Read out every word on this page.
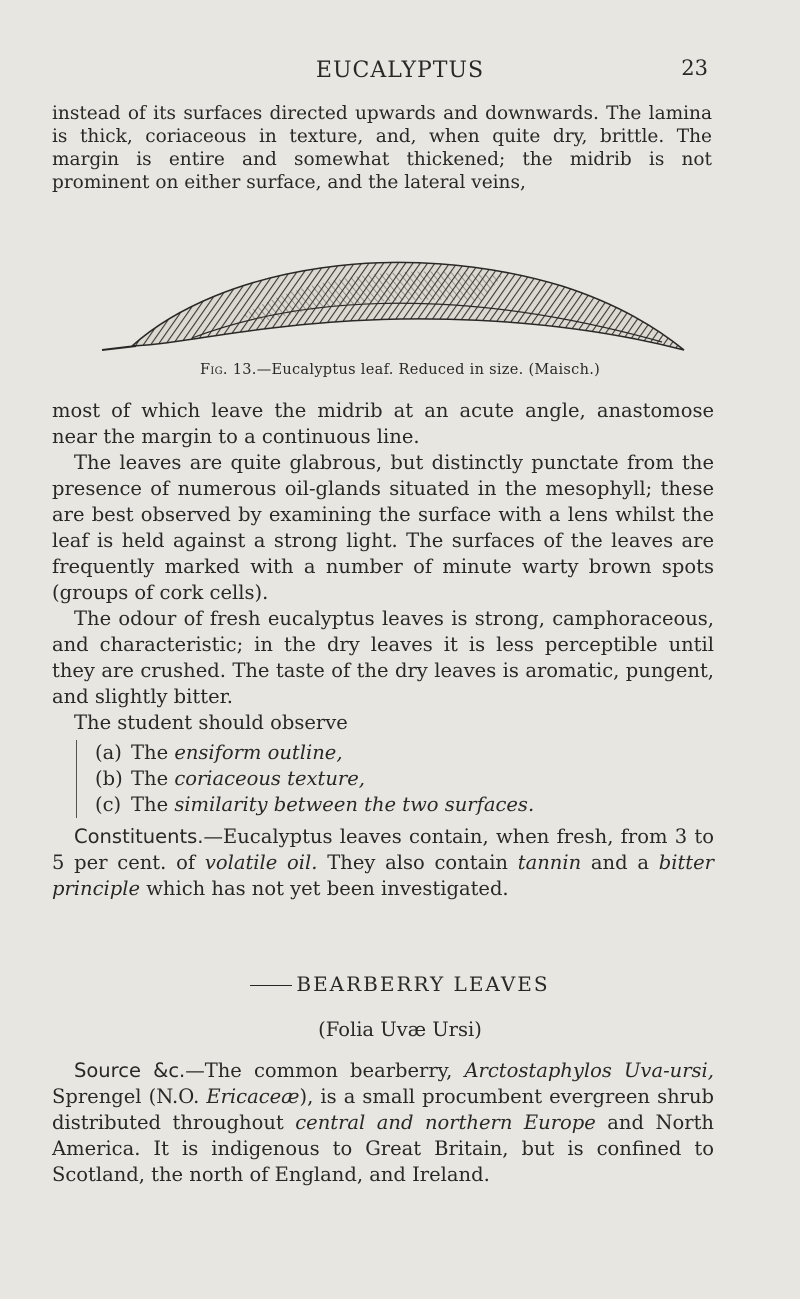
EUCALYPTUS	23

instead of its surfaces directed upwards and downwards. The lamina is thick, coriaceous in texture, and, when quite dry, brittle. The margin is entire and somewhat thickened; the midrib is not prominent on either surface, and the lateral veins,

Fig. 13.—Eucalyptus leaf. Reduced in size. (Maisch.)

most of which leave the midrib at an acute angle, anastomose near the margin to a continuous line.

The leaves are quite glabrous, but distinctly punctate from the presence of numerous oil-glands situated in the mesophyll; these are best observed by examining the surface with a lens whilst the leaf is held against a strong light. The surfaces of the leaves are frequently marked with a number of minute warty brown spots (groups of cork cells).

The odour of fresh eucalyptus leaves is strong, camphoraceous, and characteristic; in the dry leaves it is less perceptible until they are crushed. The taste of the dry leaves is aromatic, pungent, and slightly bitter.

The student should observe

(a) The ensiform outline,
(b) The coriaceous texture,
(c) The similarity between the two surfaces.

Constituents.—Eucalyptus leaves contain, when fresh, from 3 to 5 per cent. of volatile oil. They also contain tannin and a bitter principle which has not yet been investigated.

BEARBERRY LEAVES
(Folia Uvæ Ursi)

Source &c.—The common bearberry, Arctostaphylos Uva-ursi, Sprengel (N.O. Ericaceæ), is a small procumbent evergreen shrub distributed throughout central and northern Europe and North America. It is indigenous to Great Britain, but is confined to Scotland, the north of England, and Ireland.
